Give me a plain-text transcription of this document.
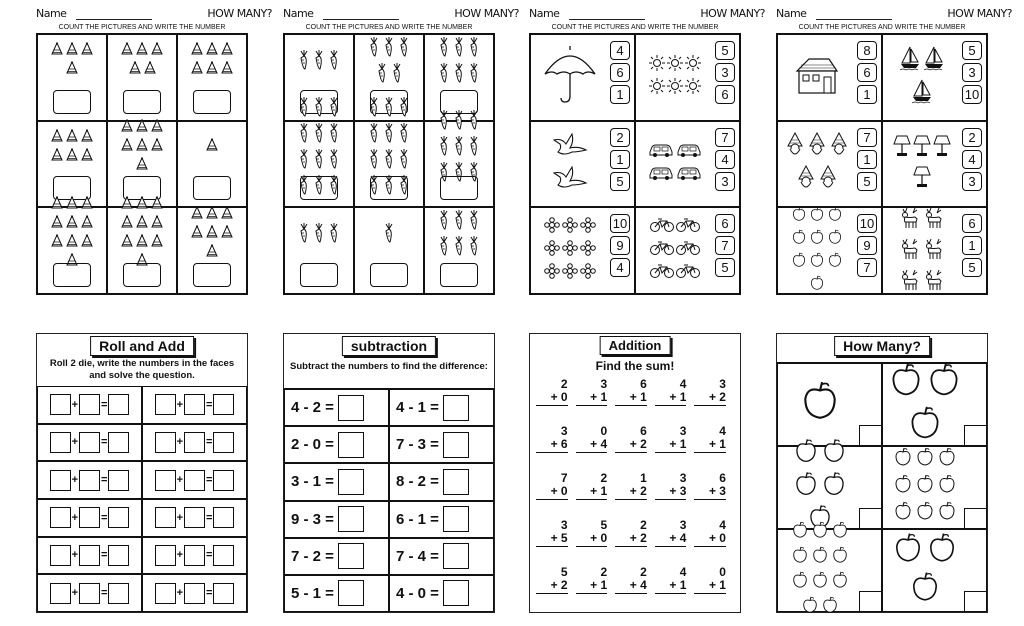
Name	HOW MANY?
COUNT THE PICTURES AND WRITE THE NUMBER
Name	HOW MANY?
COUNT THE PICTURES AND WRITE THE NUMBER
Name	HOW MANY?
COUNT THE PICTURES AND WRITE THE NUMBER
Name	HOW MANY?
COUNT THE PICTURES AND WRITE THE NUMBER
4
6
1
5
3
6
2
1
5
7
4
3
10
9
4
6
7
5
8
6
1
5
3
10
7
1
5
2
4
3
10
9
7
6
1
5
Roll and Add
Roll 2 die, write the numbers in the faces and solve the question.
+ =	+ =
+ =	+ =
+ =	+ =
+ =	+ =
+ =	+ =
+ =	+ =
subtraction
Subtract the numbers to find the difference:
4 - 2 =	4 - 1 =
2 - 0 =	7 - 3 =
3 - 1 =	8 - 2 =
9 - 3 =	6 - 1 =
7 - 2 =	7 - 4 =
5 - 1 =	4 - 0 =
Addition
Find the sum!
2
+ 0
3
+ 1
6
+ 1
4
+ 1
3
+ 2
3
+ 6
0
+ 4
6
+ 2
3
+ 1
4
+ 1
7
+ 0
2
+ 1
1
+ 2
3
+ 3
6
+ 3
3
+ 5
5
+ 0
2
+ 2
3
+ 4
4
+ 0
5
+ 2
2
+ 1
2
+ 4
4
+ 1
0
+ 1
How Many?
